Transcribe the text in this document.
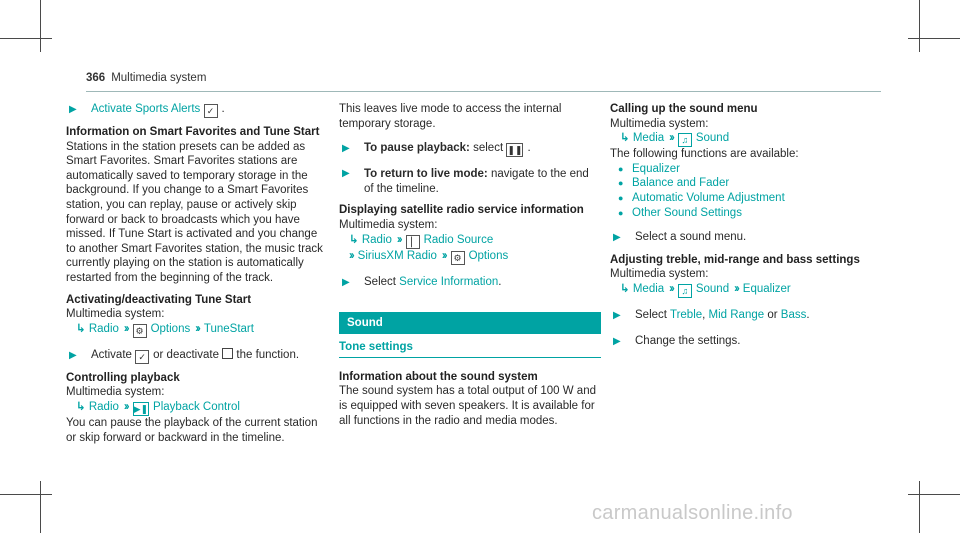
366 Multimedia system
▶ Activate Sports Alerts ✓ .
Information on Smart Favorites and Tune Start
Stations in the station presets can be added as Smart Favorites. Smart Favorites stations are automatically saved to temporary storage in the background. If you change to a Smart Favorites station, you can replay, pause or actively skip forward or back to broadcasts which you have missed. If Tune Start is activated and you change to another Smart Favorites station, the music track currently playing on the station is automatically restarted from the beginning of the track.
Activating/deactivating Tune Start
Multimedia system:
↳ Radio ›› ⚙ Options ›› TuneStart
▶ Activate ✓ or deactivate the function.
Controlling playback
Multimedia system:
↳ Radio ›› ▶❚ Playback Control
You can pause the playback of the current station or skip forward or backward in the timeline.
This leaves live mode to access the internal temporary storage.
▶ To pause playback: select ❚❚ .
▶	To return to live mode: navigate to the end of the timeline.
Displaying satellite radio service information
Multimedia system:
↳ Radio ›› ⎜ Radio Source
›› SiriusXM Radio ›› ⚙ Options
▶ Select Service Information.
Sound
Tone settings
Information about the sound system
The sound system has a total output of 100 W and is equipped with seven speakers. It is available for all functions in the radio and media modes.
Calling up the sound menu
Multimedia system:
↳ Media ›› ♫ Sound
The following functions are available:
● Equalizer
● Balance and Fader
● Automatic Volume Adjustment
● Other Sound Settings
▶ Select a sound menu.
Adjusting treble, mid-range and bass settings
Multimedia system:
↳ Media ›› ♫ Sound ›› Equalizer
▶ Select Treble, Mid Range or Bass.
▶ Change the settings.
carmanualsonline.info
